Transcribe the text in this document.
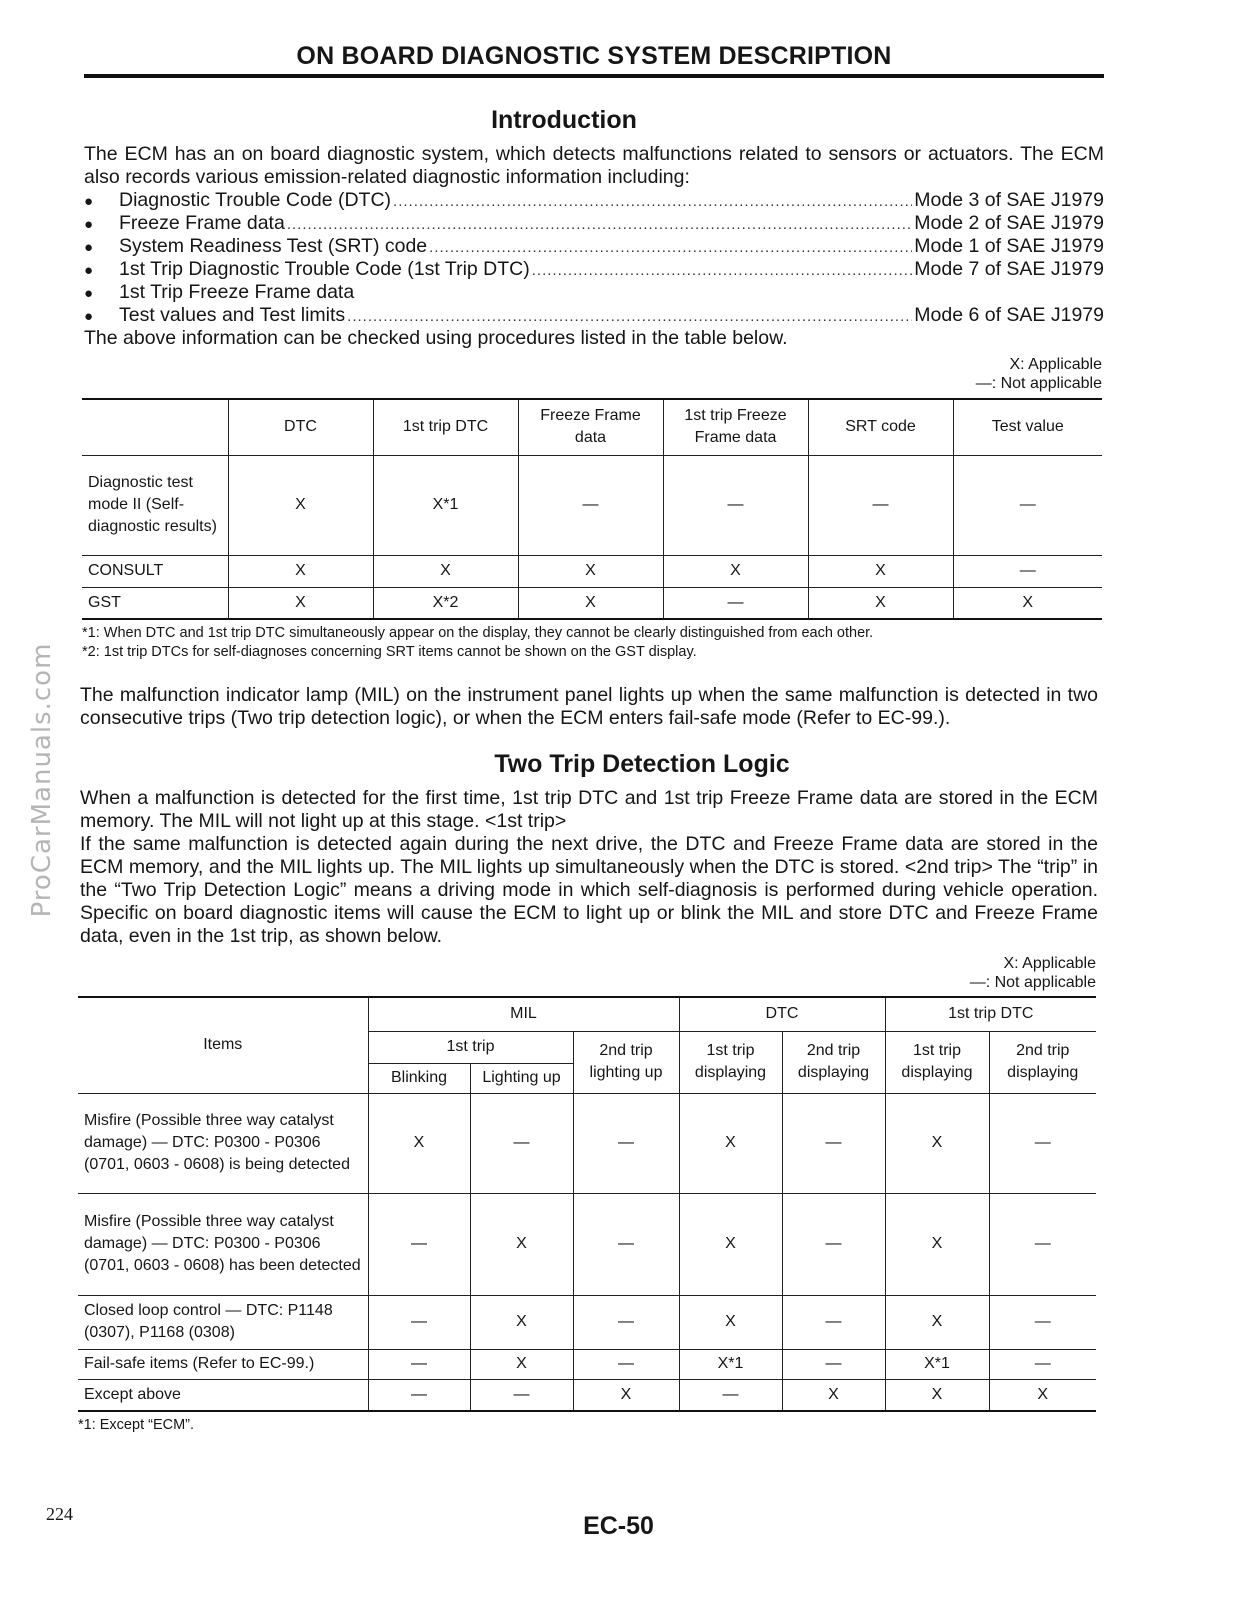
ON BOARD DIAGNOSTIC SYSTEM DESCRIPTION
Introduction
The ECM has an on board diagnostic system, which detects malfunctions related to sensors or actuators. The ECM also records various emission-related diagnostic information including:
●	Diagnostic Trouble Code (DTC) .....	Mode 3 of SAE J1979
●	Freeze Frame data .....	Mode 2 of SAE J1979
●	System Readiness Test (SRT) code .....	Mode 1 of SAE J1979
●	1st Trip Diagnostic Trouble Code (1st Trip DTC) .....	Mode 7 of SAE J1979
●	1st Trip Freeze Frame data
●	Test values and Test limits .....	Mode 6 of SAE J1979
The above information can be checked using procedures listed in the table below.
X: Applicable
—: Not applicable
	DTC	1st trip DTC	Freeze Frame data	1st trip Freeze Frame data	SRT code	Test value
Diagnostic test mode II (Self-diagnostic results)	X	X*1	—	—	—	—
CONSULT	X	X	X	X	X	—
GST	X	X*2	X	—	X	X
*1: When DTC and 1st trip DTC simultaneously appear on the display, they cannot be clearly distinguished from each other.
*2: 1st trip DTCs for self-diagnoses concerning SRT items cannot be shown on the GST display.
The malfunction indicator lamp (MIL) on the instrument panel lights up when the same malfunction is detected in two consecutive trips (Two trip detection logic), or when the ECM enters fail-safe mode (Refer to EC-99.).
Two Trip Detection Logic
When a malfunction is detected for the first time, 1st trip DTC and 1st trip Freeze Frame data are stored in the ECM memory. The MIL will not light up at this stage. <1st trip>
If the same malfunction is detected again during the next drive, the DTC and Freeze Frame data are stored in the ECM memory, and the MIL lights up. The MIL lights up simultaneously when the DTC is stored. <2nd trip> The “trip” in the “Two Trip Detection Logic” means a driving mode in which self-diagnosis is performed during vehicle operation. Specific on board diagnostic items will cause the ECM to light up or blink the MIL and store DTC and Freeze Frame data, even in the 1st trip, as shown below.
X: Applicable
—: Not applicable
Items	MIL			DTC		1st trip DTC	
	1st trip		2nd trip lighting up	1st trip displaying	2nd trip displaying	1st trip displaying	2nd trip displaying
	Blinking	Lighting up					
Misfire (Possible three way catalyst damage) — DTC: P0300 - P0306 (0701, 0603 - 0608) is being detected	X	—	—	X	—	X	—
Misfire (Possible three way catalyst damage) — DTC: P0300 - P0306 (0701, 0603 - 0608) has been detected	—	X	—	X	—	X	—
Closed loop control — DTC: P1148 (0307), P1168 (0308)	—	X	—	X	—	X	—
Fail-safe items (Refer to EC-99.)	—	X	—	X*1	—	X*1	—
Except above	—	—	X	—	X	X	X
*1: Except “ECM”.
ProCarManuals.com
224	EC-50
